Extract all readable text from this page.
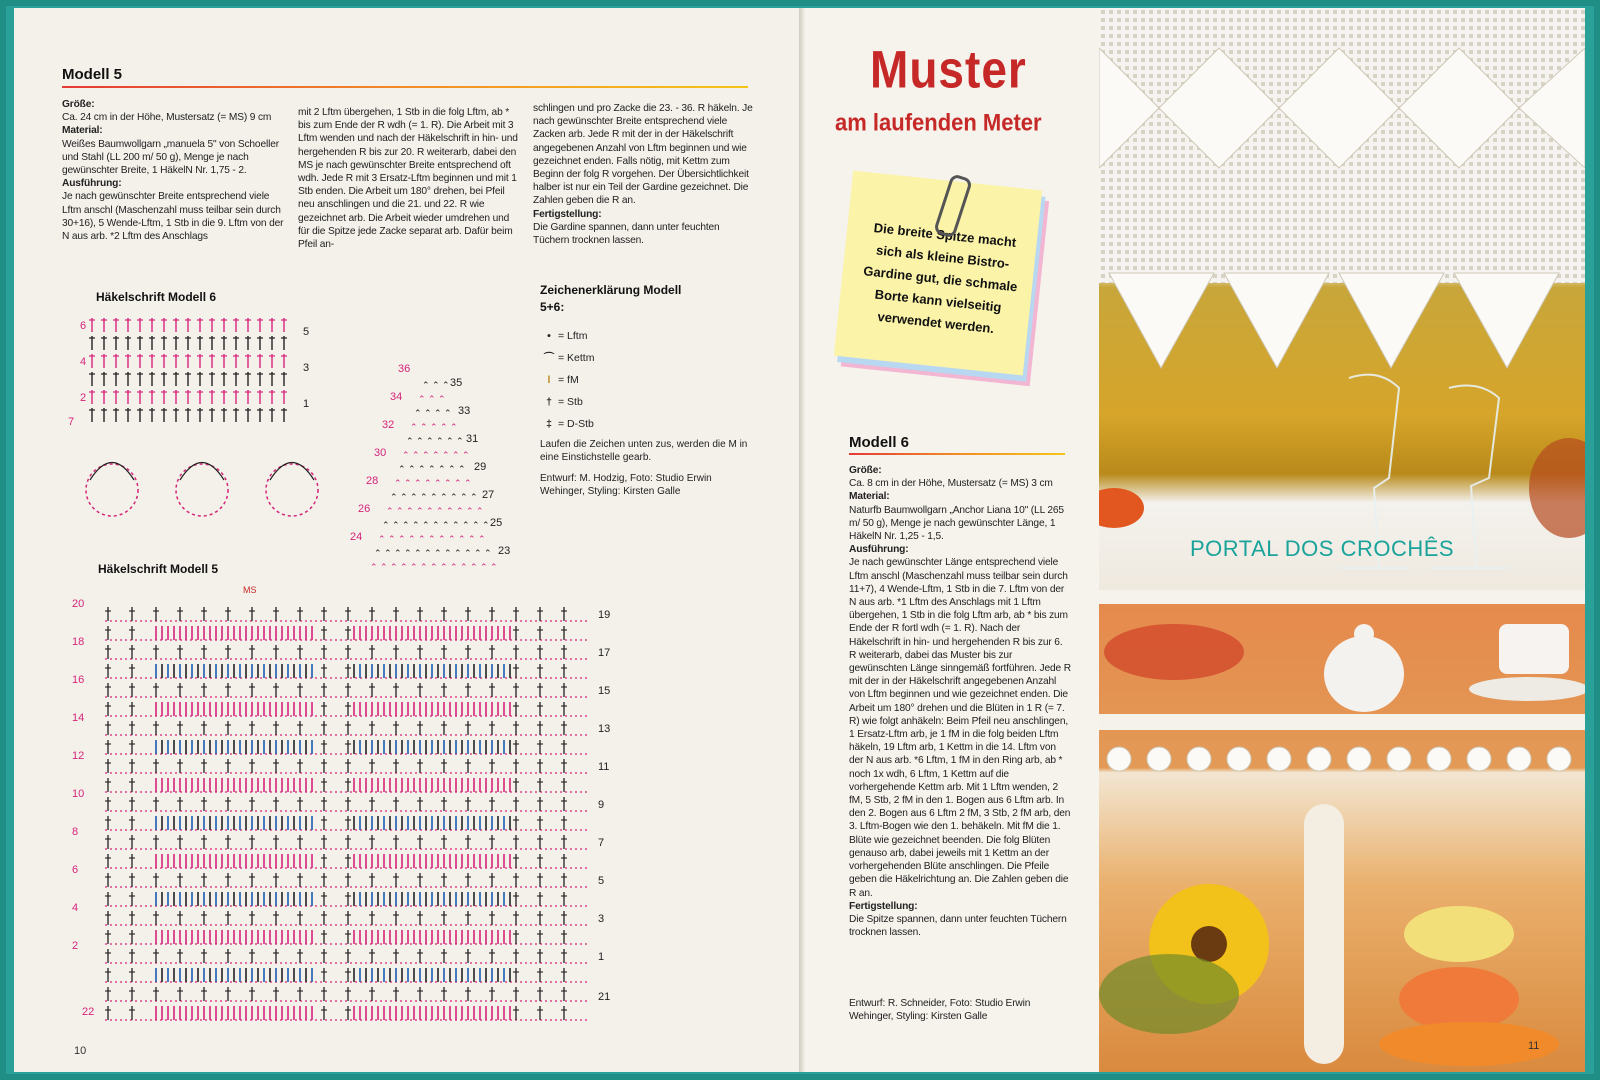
Modell 5
Größe:

Ca. 24 cm in der Höhe, Mustersatz (= MS) 9 cm

Material:

Weißes Baumwollgarn „manuela 5" von Schoeller und Stahl (LL 200 m/ 50 g), Menge je nach gewünschter Breite, 1 HäkelN Nr. 1,75 - 2.

Ausführung:

Je nach gewünschter Breite entsprechend viele Lftm anschl (Maschenzahl muss teilbar sein durch 30+16), 5 Wende-Lftm, 1 Stb in die 9. Lftm von der N aus arb. *2 Lftm des Anschlags

mit 2 Lftm übergehen, 1 Stb in die folg Lftm, ab * bis zum Ende der R wdh (= 1. R). Die Arbeit mit 3 Lftm wenden und nach der Häkelschrift in hin- und hergehenden R bis zur 20. R weiterarb, dabei den MS je nach gewünschter Breite entsprechend oft wdh. Jede R mit 3 Ersatz-Lftm beginnen und mit 1 Stb enden. Die Arbeit um 180° drehen, bei Pfeil neu anschlingen und die 21. und 22. R wie gezeichnet arb. Die Arbeit wieder umdrehen und für die Spitze jede Zacke separat arb. Dafür beim Pfeil an-

schlingen und pro Zacke die 23. - 36. R häkeln. Je nach gewünschter Breite entsprechend viele Zacken arb. Jede R mit der in der Häkelschrift angegebenen Anzahl von Lftm beginnen und wie gezeichnet enden. Falls nötig, mit Kettm zum Beginn der folg R vorgehen. Der Übersichtlichkeit halber ist nur ein Teil der Gardine gezeichnet. Die Zahlen geben die R an.

Fertigstellung:

Die Gardine spannen, dann unter feuchten Tüchern trocknen lassen.

Häkelschrift Modell 6
6
4
2
5
3
1
7
Häkelschrift Modell 5
20
18
16
14
12
10
8
6
4
2
22
19
17
15
13
11
9
7
5
3
1
21
⌃ ⌃ ⌃ ⌃ ⌃ ⌃ ⌃ ⌃ ⌃ ⌃ ⌃ ⌃ ⌃
⌃ ⌃ ⌃ ⌃ ⌃ ⌃ ⌃ ⌃ ⌃ ⌃ ⌃ ⌃
⌃ ⌃ ⌃ ⌃ ⌃ ⌃ ⌃ ⌃ ⌃ ⌃ ⌃
⌃ ⌃ ⌃ ⌃ ⌃ ⌃ ⌃ ⌃ ⌃ ⌃ ⌃
⌃ ⌃ ⌃ ⌃ ⌃ ⌃ ⌃ ⌃ ⌃ ⌃
⌃ ⌃ ⌃ ⌃ ⌃ ⌃ ⌃ ⌃ ⌃
⌃ ⌃ ⌃ ⌃ ⌃ ⌃ ⌃ ⌃
⌃ ⌃ ⌃ ⌃ ⌃ ⌃ ⌃
⌃ ⌃ ⌃ ⌃ ⌃ ⌃ ⌃
⌃ ⌃ ⌃ ⌃ ⌃ ⌃
⌃ ⌃ ⌃ ⌃ ⌃
⌃ ⌃ ⌃ ⌃
⌃ ⌃ ⌃
⌃ ⌃ ⌃
36
35
34
33
32
31
30
29
28
27
26
25
24
23
MS
Zeichenerklärung Modell 5+6:
• = Lftm
⌒ = Kettm
ǀ = fM
† = Stb
‡ = D-Stb
Laufen die Zeichen unten zus, werden die M in eine Einstichstelle gearb.
Entwurf: M. Hodzig, Foto: Studio Erwin Wehinger, Styling: Kirsten Galle
10
Muster
am laufenden Meter
Die breite Spitze macht sich als kleine Bistro-Gardine gut, die schmale Borte kann vielseitig verwendet werden.
Modell 6
Größe:

Ca. 8 cm in der Höhe, Mustersatz (= MS) 3 cm

Material:

Naturfb Baumwollgarn „Anchor Liana 10" (LL 265 m/ 50 g), Menge je nach gewünschter Länge, 1 HäkelN Nr. 1,25 - 1,5.

Ausführung:

Je nach gewünschter Länge entsprechend viele Lftm anschl (Maschenzahl muss teilbar sein durch 11+7), 4 Wende-Lftm, 1 Stb in die 7. Lftm von der N aus arb. *1 Lftm des Anschlags mit 1 Lftm übergehen, 1 Stb in die folg Lftm arb, ab * bis zum Ende der R fortl wdh (= 1. R). Nach der Häkelschrift in hin- und hergehenden R bis zur 6. R weiterarb, dabei das Muster bis zur gewünschten Länge sinngemäß fortführen. Jede R mit der in der Häkelschrift angegebenen Anzahl von Lftm beginnen und wie gezeichnet enden. Die Arbeit um 180° drehen und die Blüten in 1 R (= 7. R) wie folgt anhäkeln: Beim Pfeil neu anschlingen, 1 Ersatz-Lftm arb, je 1 fM in die folg beiden Lftm häkeln, 19 Lftm arb, 1 Kettm in die 14. Lftm von der N aus arb. *6 Lftm, 1 fM in den Ring arb, ab * noch 1x wdh, 6 Lftm, 1 Kettm auf die vorhergehende Kettm arb. Mit 1 Lftm wenden, 2 fM, 5 Stb, 2 fM in den 1. Bogen aus 6 Lftm arb. In den 2. Bogen aus 6 Lftm 2 fM, 3 Stb, 2 fM arb, den 3. Lftm-Bogen wie den 1. behäkeln. Mit fM die 1. Blüte wie gezeichnet beenden. Die folg Blüten genauso arb, dabei jeweils mit 1 Kettm an der vorhergehenden Blüte anschlingen. Die Pfeile geben die Häkelrichtung an. Die Zahlen geben die R an.

Fertigstellung:

Die Spitze spannen, dann unter feuchten Tüchern trocknen lassen.

Entwurf: R. Schneider, Foto: Studio Erwin Wehinger, Styling: Kirsten Galle
PORTAL DOS CROCHÊS
11
